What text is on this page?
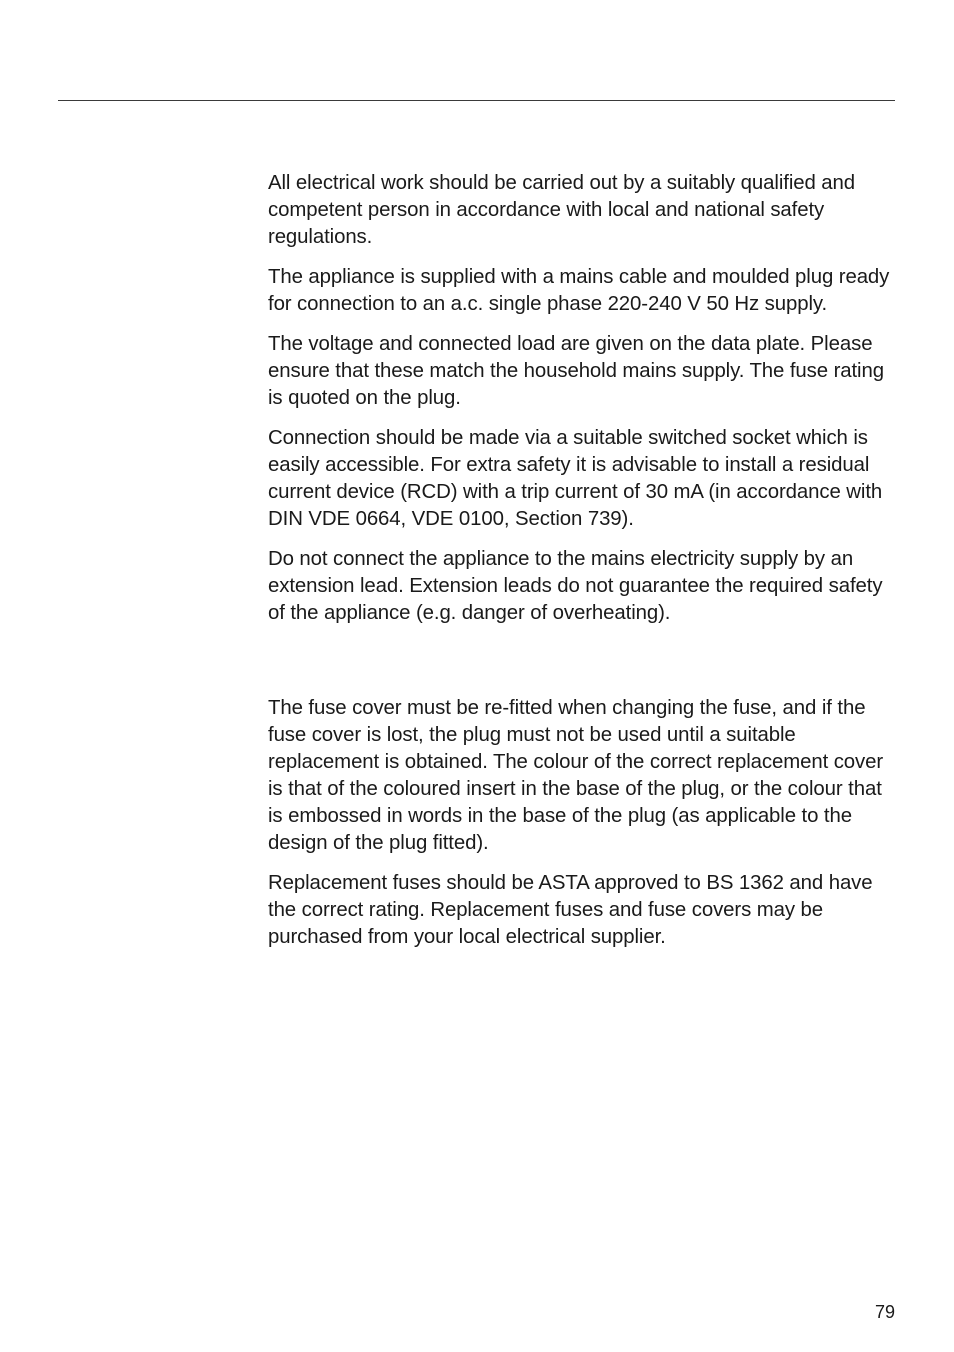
All electrical work should be carried out by a suitably qualified and competent person in accordance with local and national safety regulations.

The appliance is supplied with a mains cable and moulded plug ready for connection to an a.c. single phase 220-240 V 50 Hz supply.

The voltage and connected load are given on the data plate. Please ensure that these match the household mains supply. The fuse rating is quoted on the plug.

Connection should be made via a suitable switched socket which is easily accessible. For extra safety it is advisable to install a residual current device (RCD) with a trip current of 30 mA (in accordance with DIN VDE 0664, VDE 0100, Section 739).

Do not connect the appliance to the mains electricity supply by an extension lead. Extension leads do not guarantee the required safety of the appliance (e.g. danger of overheating).

The fuse cover must be re-fitted when changing the fuse, and if the fuse cover is lost, the plug must not be used until a suitable replacement is obtained. The colour of the correct replacement cover is that of the coloured insert in the base of the plug, or the colour that is embossed in words in the base of the plug (as applicable to the design of the plug fitted).

Replacement fuses should be ASTA approved to BS 1362 and have the correct rating. Replacement fuses and fuse covers may be purchased from your local electrical supplier.

79
